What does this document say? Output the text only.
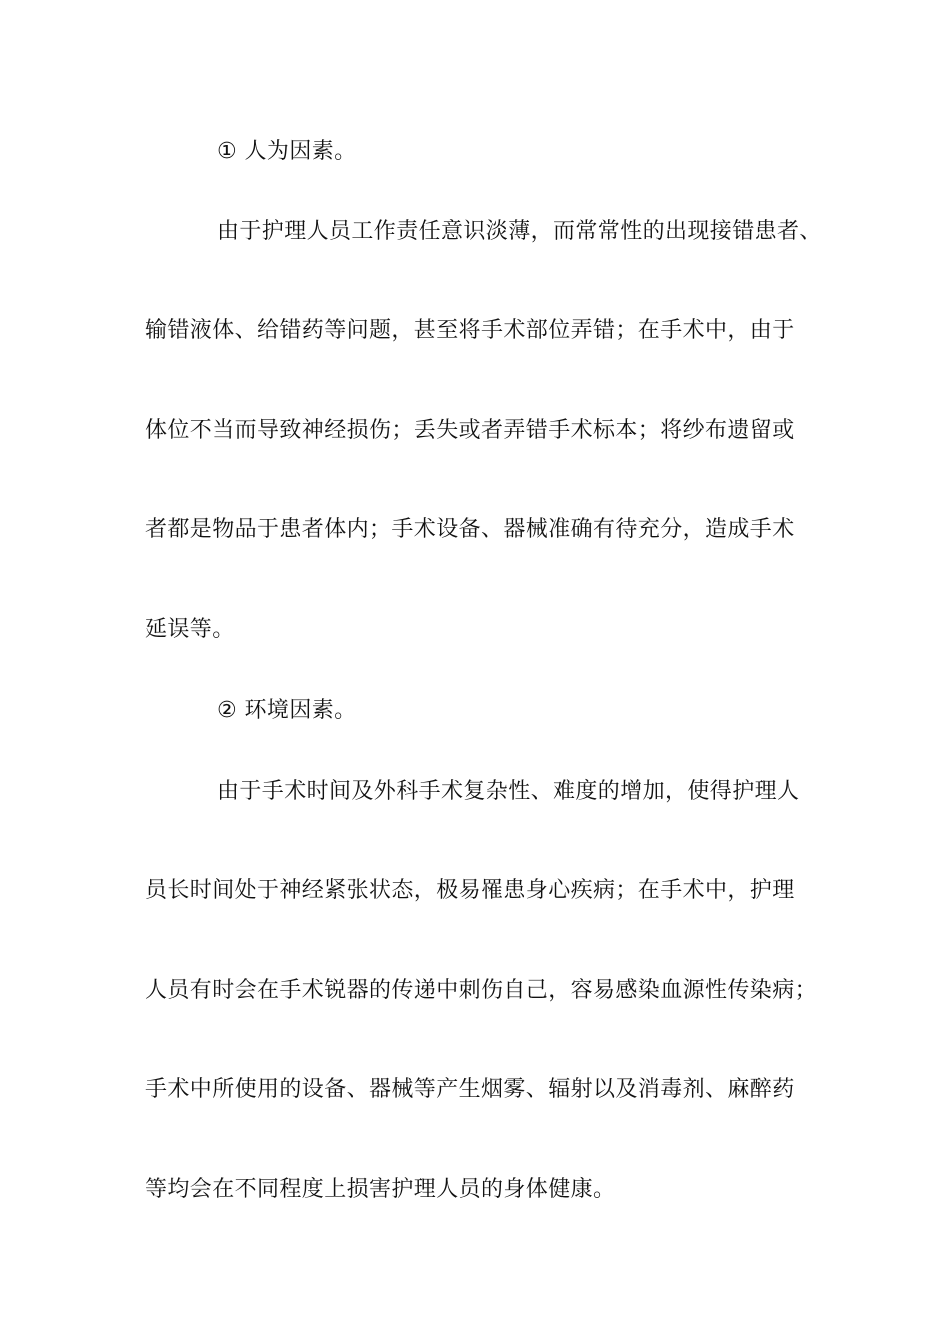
① 人为因素。
由于护理人员工作责任意识淡薄，而常常性的出现接错患者、
输错液体、给错药等问题，甚至将手术部位弄错；在手术中，由于
体位不当而导致神经损伤；丢失或者弄错手术标本；将纱布遗留或
者都是物品于患者体内；手术设备、器械准确有待充分，造成手术
延误等。
② 环境因素。
由于手术时间及外科手术复杂性、难度的增加，使得护理人
员长时间处于神经紧张状态，极易罹患身心疾病；在手术中，护理
人员有时会在手术锐器的传递中刺伤自己，容易感染血源性传染病；
手术中所使用的设备、器械等产生烟雾、辐射以及消毒剂、麻醉药
等均会在不同程度上损害护理人员的身体健康。
